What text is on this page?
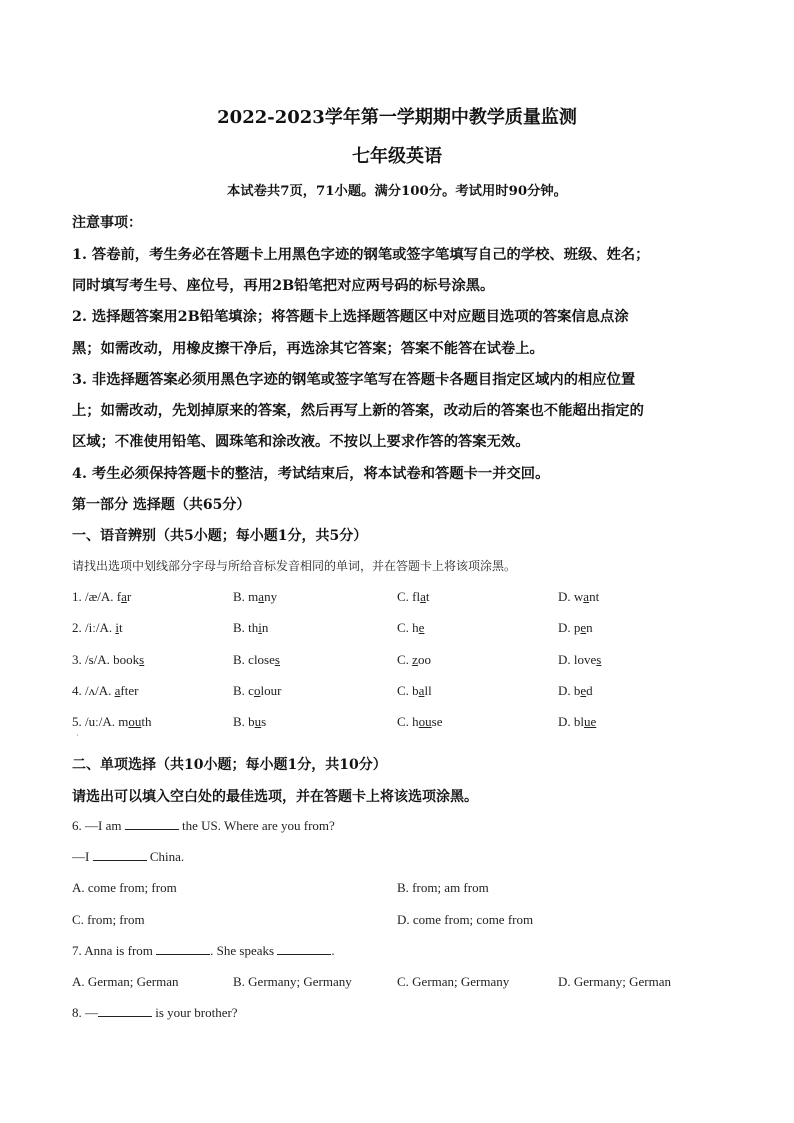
2022-2023学年第一学期期中教学质量监测
七年级英语
本试卷共7页，71小题。满分100分。考试用时90分钟。
注意事项：
1. 答卷前，考生务必在答题卡上用黑色字迹的钢笔或签字笔填写自己的学校、班级、姓名；
同时填写考生号、座位号，再用2B铅笔把对应两号码的标号涂黑。
2. 选择题答案用2B铅笔填涂；将答题卡上选择题答题区中对应题目选项的答案信息点涂
黑；如需改动，用橡皮擦干净后，再选涂其它答案；答案不能答在试卷上。
3. 非选择题答案必须用黑色字迹的钢笔或签字笔写在答题卡各题目指定区域内的相应位置
上；如需改动，先划掉原来的答案，然后再写上新的答案，改动后的答案也不能超出指定的
区域；不准使用铅笔、圆珠笔和涂改液。不按以上要求作答的答案无效。
4. 考生必须保持答题卡的整洁，考试结束后，将本试卷和答题卡一并交回。
第一部分 选择题（共65分）
一、语音辨别（共5小题；每小题1分，共5分）
请找出选项中划线部分字母与所给音标发音相同的单词，并在答题卡上将该项涂黑。
1. /æ/A. far	B. many	C. flat	D. want
2. /iː/A. it	B. thin	C. he	D. pen
3. /s/A. books	B. closes	C. zoo	D. loves
4. /ʌ/A. after	B. colour	C. ball	D. bed
5. /uː/A. mouth	B. bus	C. house	D. blue
·
二、单项选择（共10小题；每小题1分，共10分）
请选出可以填入空白处的最佳选项，并在答题卡上将该选项涂黑。
6. —I am	the US. Where are you from?
—I	China.
A. come from; from	B. from; am from
C. from; from	D. come from; come from
7. Anna is from	. She speaks	.
A. German; German	B. Germany; Germany	C. German; Germany	D. Germany; German
8. —	is your brother?
